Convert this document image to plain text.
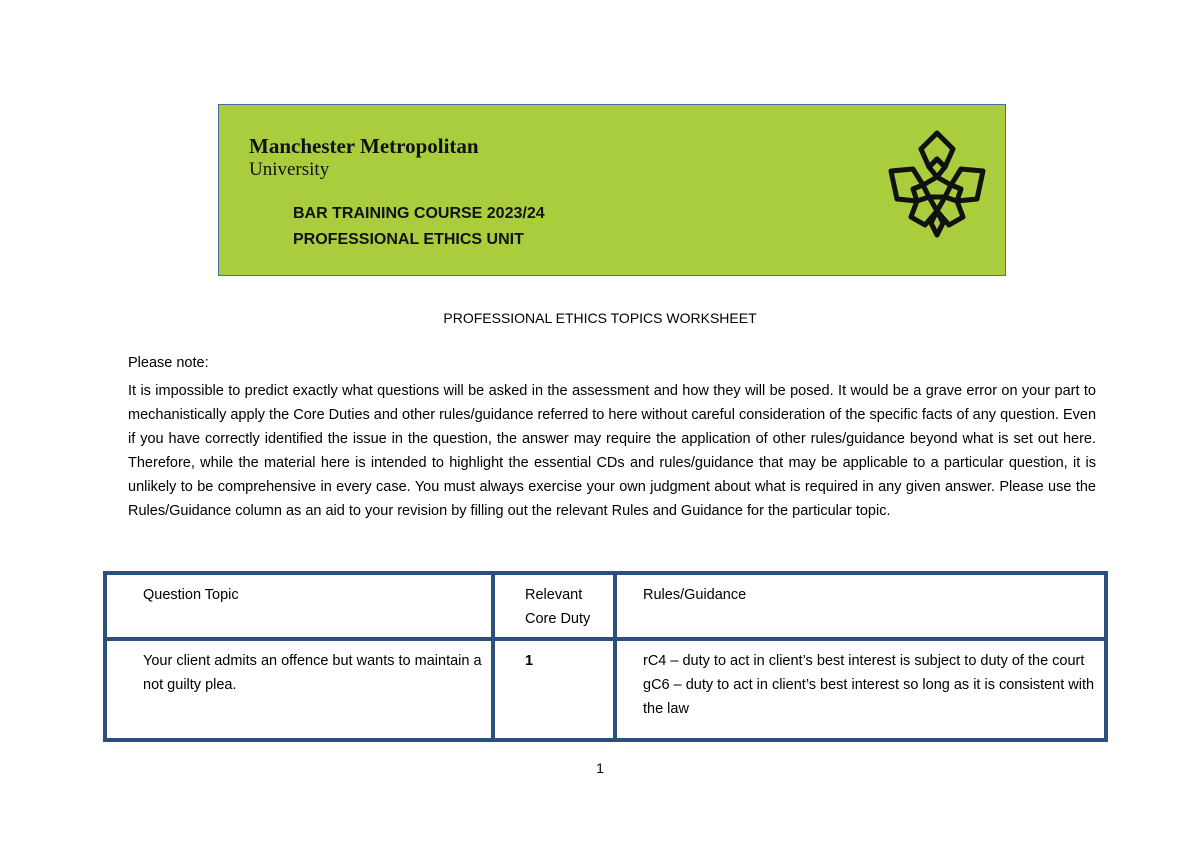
Manchester Metropolitan
University
BAR TRAINING COURSE 2023/24
PROFESSIONAL ETHICS UNIT
PROFESSIONAL ETHICS TOPICS WORKSHEET
Please note:
It is impossible to predict exactly what questions will be asked in the assessment and how they will be posed. It would be a grave error on your part to mechanistically apply the Core Duties and other rules/guidance referred to here without careful consideration of the specific facts of any question. Even if you have correctly identified the issue in the question, the answer may require the application of other rules/guidance beyond what is set out here. Therefore, while the material here is intended to highlight the essential CDs and rules/guidance that may be applicable to a particular question, it is unlikely to be comprehensive in every case. You must always exercise your own judgment about what is required in any given answer. Please use the Rules/Guidance column as an aid to your revision by filling out the relevant Rules and Guidance for the particular topic.
Question Topic	Relevant Core Duty	Rules/Guidance
Your client admits an offence but wants to maintain a not guilty plea.	1	rC4 – duty to act in client’s best interest is subject to duty of the court
gC6 – duty to act in client’s best interest so long as it is consistent with the law
1
